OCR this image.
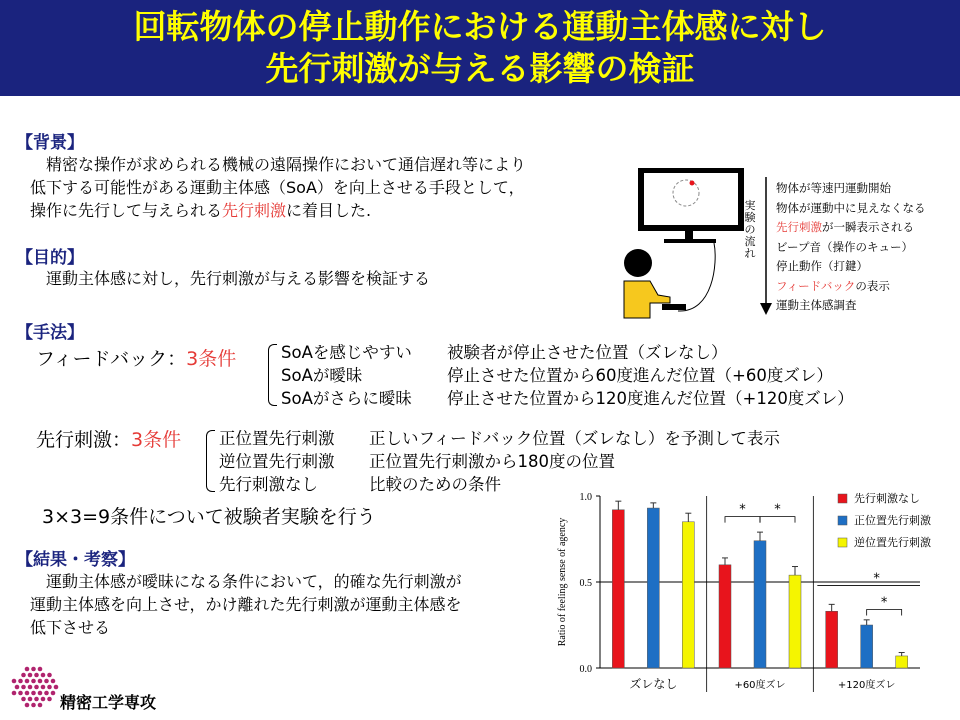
回転物体の停止動作における運動主体感に対し
先行刺激が与える影響の検証
【背景】
　精密な操作が求められる機械の遠隔操作において通信遅れ等により
低下する可能性がある運動主体感（SoA）を向上させる手段として，
操作に先行して与えられる先行刺激に着目した.
【目的】
　運動主体感に対し，先行刺激が与える影響を検証する
【手法】
フィードバック：3条件	SoAを感じやすい 被験者が停止させた位置（ズレなし）
SoAが曖昧	停止させた位置から60度進んだ位置（+60度ズレ）
SoAがさらに曖昧 停止させた位置から120度進んだ位置（+120度ズレ）
先行刺激：3条件 正位置先行刺激 正しいフィードバック位置（ズレなし）を予測して表示
逆位置先行刺激 正位置先行刺激から180度の位置
先行刺激なし	比較のための条件
3×3=9条件について被験者実験を行う
【結果・考察】
　運動主体感が曖昧になる条件において，的確な先行刺激が
運動主体感を向上させ，かけ離れた先行刺激が運動主体感を
低下させる
精密工学専攻
実験の流れ
物体が等速円運動開始
物体が運動中に見えなくなる
先行刺激が一瞬表示される
ビープ音（操作のキュー）
停止動作（打鍵）
フィードバックの表示
運動主体感調査
0.0
0.5
1.0
Ratio of feeling sense of agency
ズレなし	+60度ズレ	+120度ズレ
* *
*
*
先行刺激なし
正位置先行刺激
逆位置先行刺激
